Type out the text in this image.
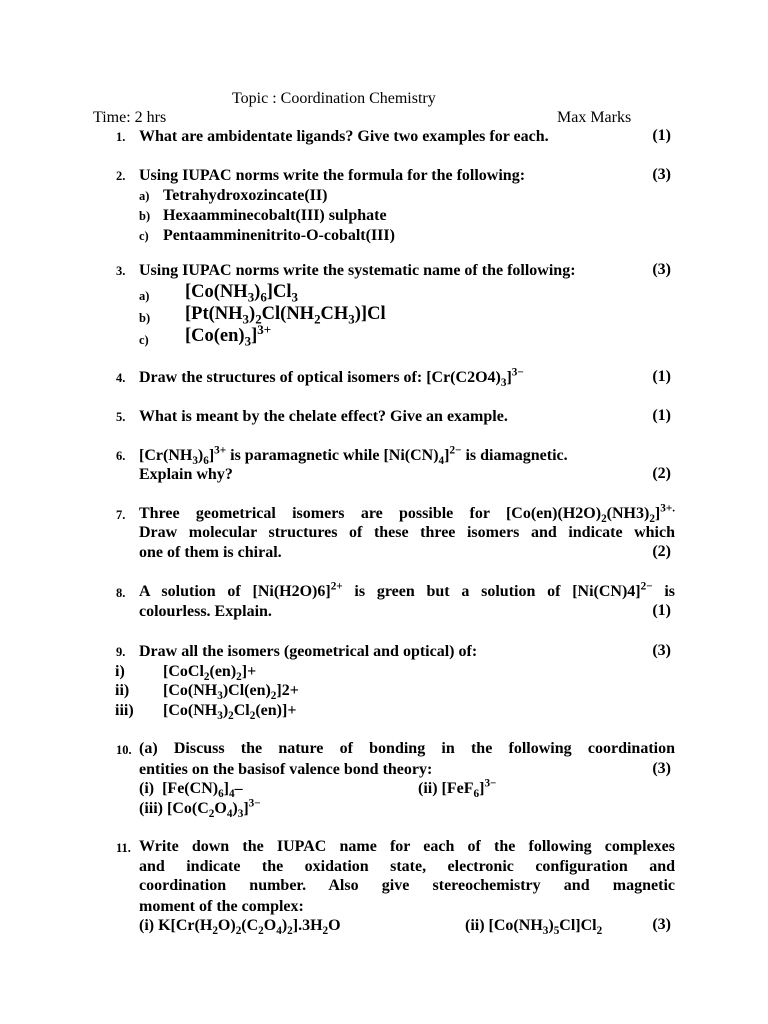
Topic : Coordination Chemistry
Time: 2 hrs	Max Marks
1. What are ambidentate ligands? Give two examples for each.	(1)
2. Using IUPAC norms write the formula for the following:	(3)
a) Tetrahydroxozincate(II)
b) Hexaamminecobalt(III) sulphate
c) Pentaamminenitrito-O-cobalt(III)
3. Using IUPAC norms write the systematic name of the following:	(3)
a) $[Co(NH_3)_6]Cl_3$
b) $[Pt(NH_3)_2Cl(NH_2CH_3)]Cl$
c) $[Co(en)_3]^{3+}$
4. Draw the structures of optical isomers of: $[Cr(C2O4)_3]^{3-}$	(1)
5. What is meant by the chelate effect? Give an example.	(1)
6. $[Cr(NH_3)_6]^{3+}$ is paramagnetic while $[Ni(CN)_4]^{2-}$ is diamagnetic.
Explain why?	(2)
7. Three geometrical isomers are possible for $[Co(en)(H2O)_2(NH3)_2]^{3+.}$
Draw molecular structures of these three isomers and indicate which
one of them is chiral.	(2)
8. A solution of $[Ni(H2O)6]^{2+}$ is green but a solution of $[Ni(CN)4]^{2-}$ is
colourless. Explain.	(1)
9. Draw all the isomers (geometrical and optical) of:	(3)
i) $[CoCl_2(en)_2]+$
ii) $[Co(NH_3)Cl(en)_2]2+$
iii) $[Co(NH_3)_2Cl_2(en)]+$
10. (a) Discuss the nature of bonding in the following coordination
entities on the basisof valence bond theory:	(3)
(i)  $[Fe(CN)_6]_4-$	(ii) $[FeF_6]^{3-}$
(iii) $[Co(C_2O_4)_3]^{3-}$
11. Write down the IUPAC name for each of the following complexes
and indicate the oxidation state, electronic configuration and
coordination number. Also give stereochemistry and magnetic
moment of the complex:
(i) $K[Cr(H_2O)_2(C_2O_4)_2].3H_2O$	(ii) $[Co(NH_3)_5Cl]Cl_2$	(3)
